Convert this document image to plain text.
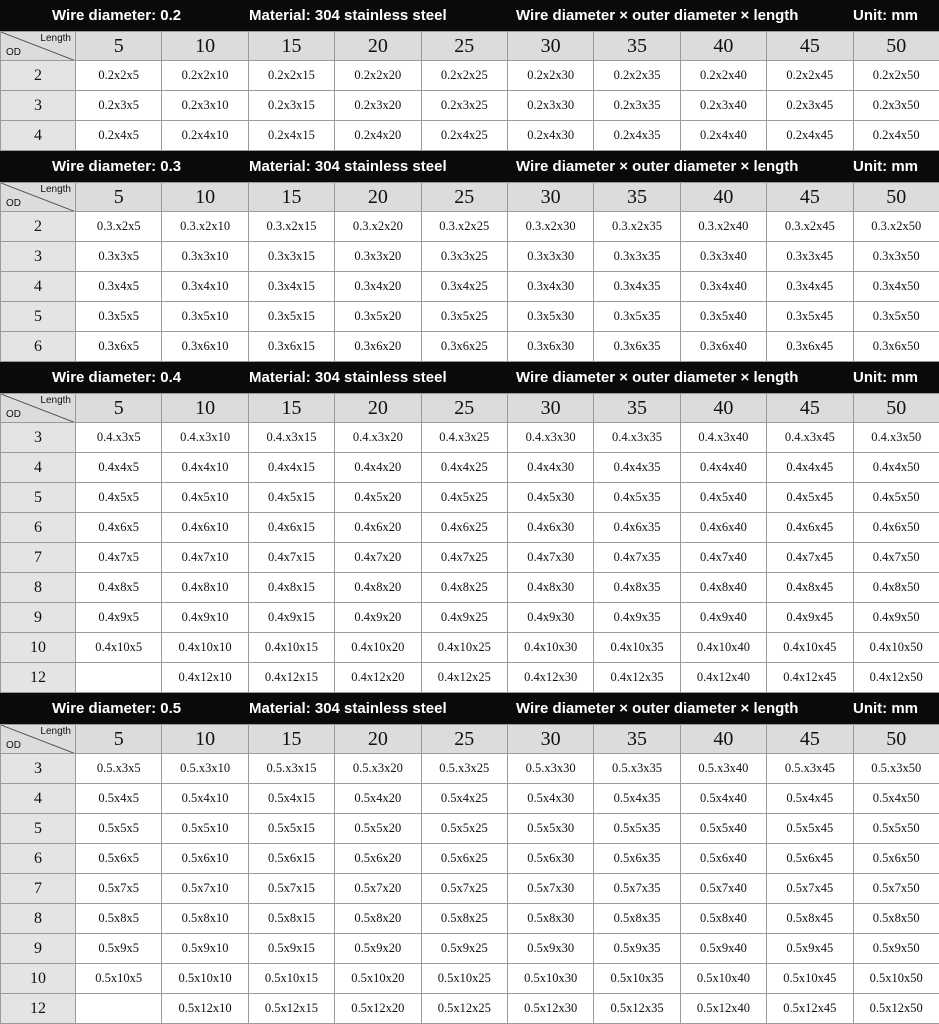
Wire diameter: 0.2	Material: 304 stainless steel	Wire diameter × outer diameter × length	Unit: mm
Length
OD	5	10	15	20	25	30	35	40	45	50
2	0.2x2x5	0.2x2x10	0.2x2x15	0.2x2x20	0.2x2x25	0.2x2x30	0.2x2x35	0.2x2x40	0.2x2x45	0.2x2x50
3	0.2x3x5	0.2x3x10	0.2x3x15	0.2x3x20	0.2x3x25	0.2x3x30	0.2x3x35	0.2x3x40	0.2x3x45	0.2x3x50
4	0.2x4x5	0.2x4x10	0.2x4x15	0.2x4x20	0.2x4x25	0.2x4x30	0.2x4x35	0.2x4x40	0.2x4x45	0.2x4x50
Wire diameter: 0.3	Material: 304 stainless steel	Wire diameter × outer diameter × length	Unit: mm
Length
OD	5	10	15	20	25	30	35	40	45	50
2	0.3.x2x5	0.3.x2x10	0.3.x2x15	0.3.x2x20	0.3.x2x25	0.3.x2x30	0.3.x2x35	0.3.x2x40	0.3.x2x45	0.3.x2x50
3	0.3x3x5	0.3x3x10	0.3x3x15	0.3x3x20	0.3x3x25	0.3x3x30	0.3x3x35	0.3x3x40	0.3x3x45	0.3x3x50
4	0.3x4x5	0.3x4x10	0.3x4x15	0.3x4x20	0.3x4x25	0.3x4x30	0.3x4x35	0.3x4x40	0.3x4x45	0.3x4x50
5	0.3x5x5	0.3x5x10	0.3x5x15	0.3x5x20	0.3x5x25	0.3x5x30	0.3x5x35	0.3x5x40	0.3x5x45	0.3x5x50
6	0.3x6x5	0.3x6x10	0.3x6x15	0.3x6x20	0.3x6x25	0.3x6x30	0.3x6x35	0.3x6x40	0.3x6x45	0.3x6x50
Wire diameter: 0.4	Material: 304 stainless steel	Wire diameter × outer diameter × length	Unit: mm
Length
OD	5	10	15	20	25	30	35	40	45	50
3	0.4.x3x5	0.4.x3x10	0.4.x3x15	0.4.x3x20	0.4.x3x25	0.4.x3x30	0.4.x3x35	0.4.x3x40	0.4.x3x45	0.4.x3x50
4	0.4x4x5	0.4x4x10	0.4x4x15	0.4x4x20	0.4x4x25	0.4x4x30	0.4x4x35	0.4x4x40	0.4x4x45	0.4x4x50
5	0.4x5x5	0.4x5x10	0.4x5x15	0.4x5x20	0.4x5x25	0.4x5x30	0.4x5x35	0.4x5x40	0.4x5x45	0.4x5x50
6	0.4x6x5	0.4x6x10	0.4x6x15	0.4x6x20	0.4x6x25	0.4x6x30	0.4x6x35	0.4x6x40	0.4x6x45	0.4x6x50
7	0.4x7x5	0.4x7x10	0.4x7x15	0.4x7x20	0.4x7x25	0.4x7x30	0.4x7x35	0.4x7x40	0.4x7x45	0.4x7x50
8	0.4x8x5	0.4x8x10	0.4x8x15	0.4x8x20	0.4x8x25	0.4x8x30	0.4x8x35	0.4x8x40	0.4x8x45	0.4x8x50
9	0.4x9x5	0.4x9x10	0.4x9x15	0.4x9x20	0.4x9x25	0.4x9x30	0.4x9x35	0.4x9x40	0.4x9x45	0.4x9x50
10	0.4x10x5	0.4x10x10	0.4x10x15	0.4x10x20	0.4x10x25	0.4x10x30	0.4x10x35	0.4x10x40	0.4x10x45	0.4x10x50
12		0.4x12x10	0.4x12x15	0.4x12x20	0.4x12x25	0.4x12x30	0.4x12x35	0.4x12x40	0.4x12x45	0.4x12x50
Wire diameter: 0.5	Material: 304 stainless steel	Wire diameter × outer diameter × length	Unit: mm
Length
OD	5	10	15	20	25	30	35	40	45	50
3	0.5.x3x5	0.5.x3x10	0.5.x3x15	0.5.x3x20	0.5.x3x25	0.5.x3x30	0.5.x3x35	0.5.x3x40	0.5.x3x45	0.5.x3x50
4	0.5x4x5	0.5x4x10	0.5x4x15	0.5x4x20	0.5x4x25	0.5x4x30	0.5x4x35	0.5x4x40	0.5x4x45	0.5x4x50
5	0.5x5x5	0.5x5x10	0.5x5x15	0.5x5x20	0.5x5x25	0.5x5x30	0.5x5x35	0.5x5x40	0.5x5x45	0.5x5x50
6	0.5x6x5	0.5x6x10	0.5x6x15	0.5x6x20	0.5x6x25	0.5x6x30	0.5x6x35	0.5x6x40	0.5x6x45	0.5x6x50
7	0.5x7x5	0.5x7x10	0.5x7x15	0.5x7x20	0.5x7x25	0.5x7x30	0.5x7x35	0.5x7x40	0.5x7x45	0.5x7x50
8	0.5x8x5	0.5x8x10	0.5x8x15	0.5x8x20	0.5x8x25	0.5x8x30	0.5x8x35	0.5x8x40	0.5x8x45	0.5x8x50
9	0.5x9x5	0.5x9x10	0.5x9x15	0.5x9x20	0.5x9x25	0.5x9x30	0.5x9x35	0.5x9x40	0.5x9x45	0.5x9x50
10	0.5x10x5	0.5x10x10	0.5x10x15	0.5x10x20	0.5x10x25	0.5x10x30	0.5x10x35	0.5x10x40	0.5x10x45	0.5x10x50
12		0.5x12x10	0.5x12x15	0.5x12x20	0.5x12x25	0.5x12x30	0.5x12x35	0.5x12x40	0.5x12x45	0.5x12x50
